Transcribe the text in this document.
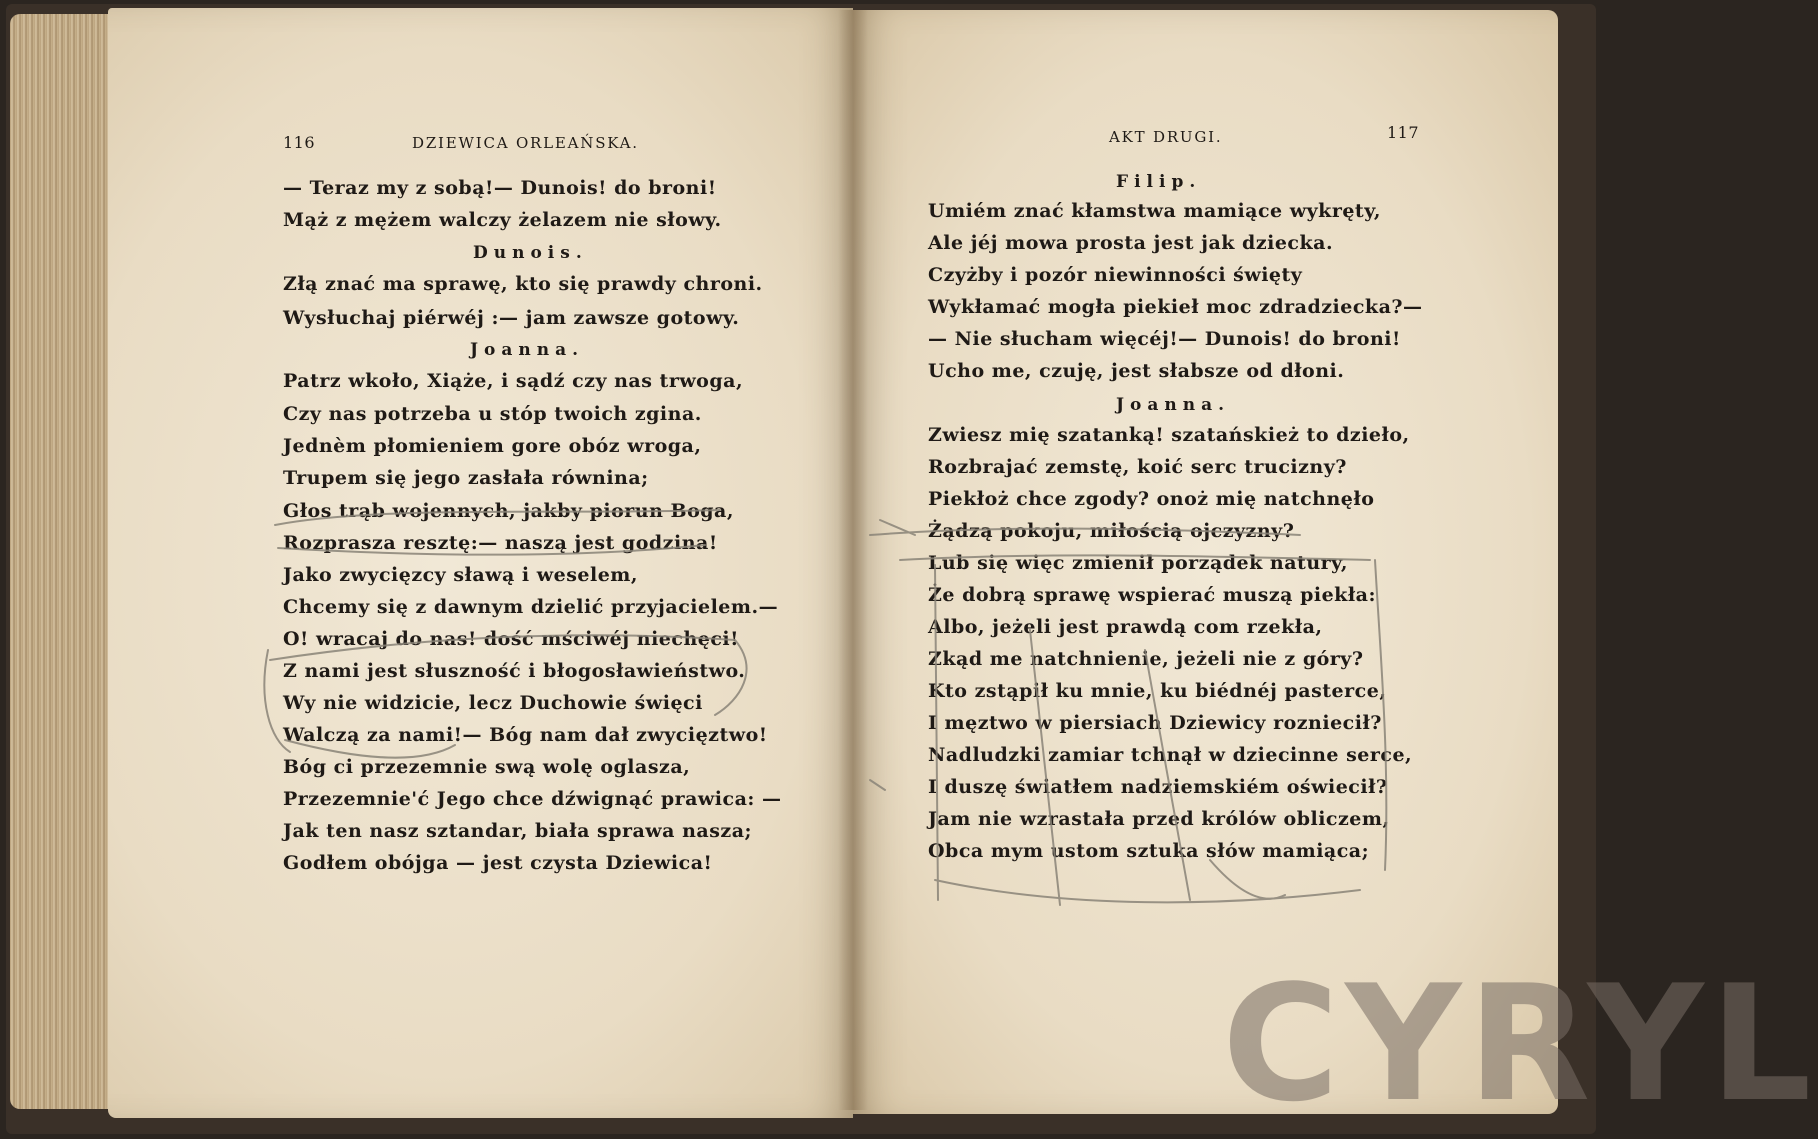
116	DZIEWICA ORLEAŃSKA.
— Teraz my z sobą!— Dunois! do broni!
Mąż z mężem walczy żelazem nie słowy.
Dunois.
Złą znać ma sprawę, kto się prawdy chroni.
Wysłuchaj piérwéj :— jam zawsze gotowy.
Joanna.
Patrz wkoło, Xiąże, i sądź czy nas trwoga,
Czy nas potrzeba u stóp twoich zgina.
Jednèm płomieniem gore obóz wroga,
Trupem się jego zasłała równina;
Głos trąb wojennych, jakby piorun Boga,
Rozprasza resztę:— naszą jest godzina!
Jako zwycięzcy sławą i weselem,
Chcemy się z dawnym dzielić przyjacielem.—
O! wracaj do nas! dość mściwéj niechęci!
Z nami jest słuszność i błogosławieństwo.
Wy nie widzicie, lecz Duchowie święci
Walczą za nami!— Bóg nam dał zwycięztwo!
Bóg ci przezemnie swą wolę oglasza,
Przezemnie'ć Jego chce dźwignąć prawica: —
Jak ten nasz sztandar, biała sprawa nasza;
Godłem obójga — jest czysta Dziewica!
AKT DRUGI.	117
Filip.
Umiém znać kłamstwa mamiące wykręty,
Ale jéj mowa prosta jest jak dziecka.
Czyżby i pozór niewinności święty
Wykłamać mogła piekieł moc zdradziecka?—
— Nie słucham więcéj!— Dunois! do broni!
Ucho me, czuję, jest słabsze od dłoni.
Joanna.
Zwiesz mię szatanką! szatańskież to dzieło,
Rozbrajać zemstę, koić serc trucizny?
Piekłoż chce zgody? onoż mię natchnęło
Żądzą pokoju, miłością ojczyzny?
Lub się więc zmienił porządek natury,
Że dobrą sprawę wspierać muszą piekła:
Albo, jeżeli jest prawdą com rzekła,
Zkąd me natchnienie, jeżeli nie z góry?
Kto zstąpił ku mnie, ku biédnéj pasterce,
I męztwo w piersiach Dziewicy rozniecił?
Nadludzki zamiar tchnął w dziecinne serce,
I duszę światłem nadziemskiém oświecił?
Jam nie wzrastała przed królów obliczem,
Obca mym ustom sztuka słów mamiąca;
CYRYL
